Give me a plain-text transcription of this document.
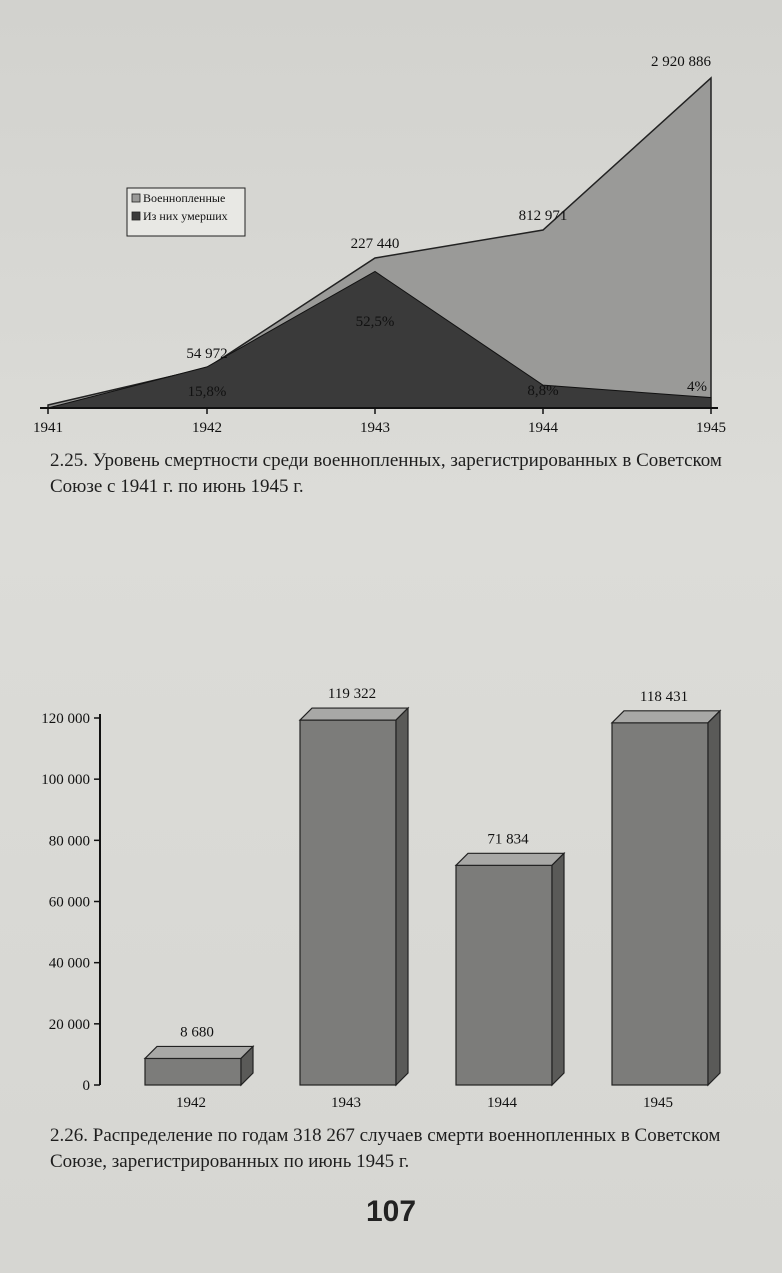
1941	1942	1943	1944	1945
54 972
227 440
812 971
2 920 886
15,8%
52,5%
8,8%	4%
Военнопленные
Из них умерших
2.25. Уровень смертности среди военнопленных, зарегистрированных в Советском Союзе с 1941 г. по июнь 1945 г.
0
20 000
40 000
60 000
80 000
100 000
120 000
8 680
1942
119 322
1943
71 834
1944
118 431
1945
2.26. Распределение по годам 318 267 случаев смерти военнопленных в Советском Союзе, зарегистрированных по июнь 1945 г.
107
